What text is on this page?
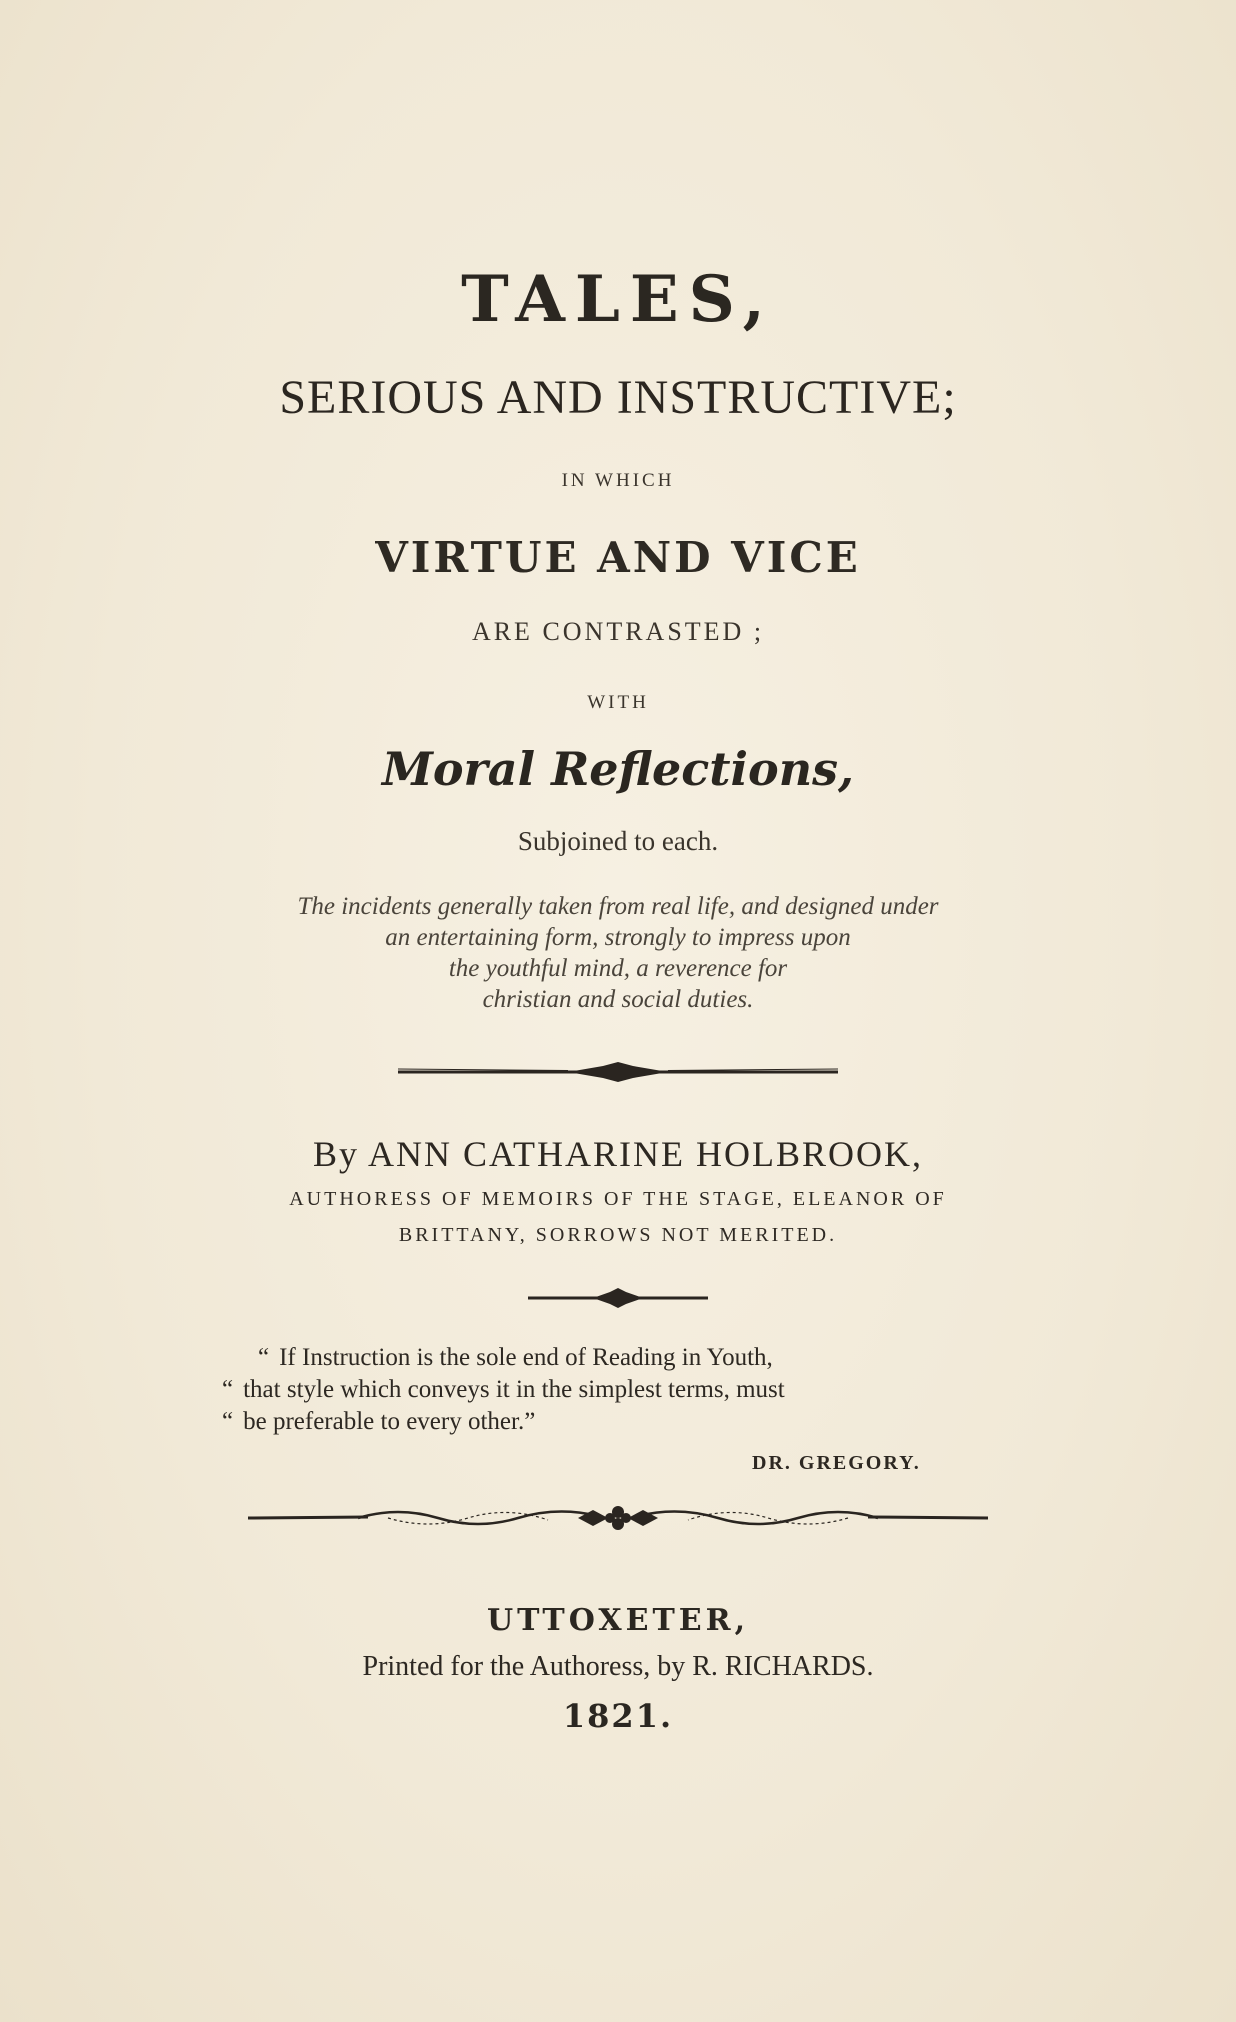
TALES,
SERIOUS AND INSTRUCTIVE;
IN WHICH
VIRTUE AND VICE
ARE CONTRASTED ;
WITH
Moral Reflections,
Subjoined to each.
The incidents generally taken from real life, and designed under
an entertaining form, strongly to impress upon
the youthful mind, a reverence for
christian and social duties.
By ANN CATHARINE HOLBROOK,
AUTHORESS OF MEMOIRS OF THE STAGE, ELEANOR OF
BRITTANY, SORROWS NOT MERITED.
“ If Instruction is the sole end of Reading in Youth,
“ that style which conveys it in the simplest terms, must
“ be preferable to every other.”
DR. GREGORY.
UTTOXETER,
Printed for the Authoress, by R. RICHARDS.
1821.
